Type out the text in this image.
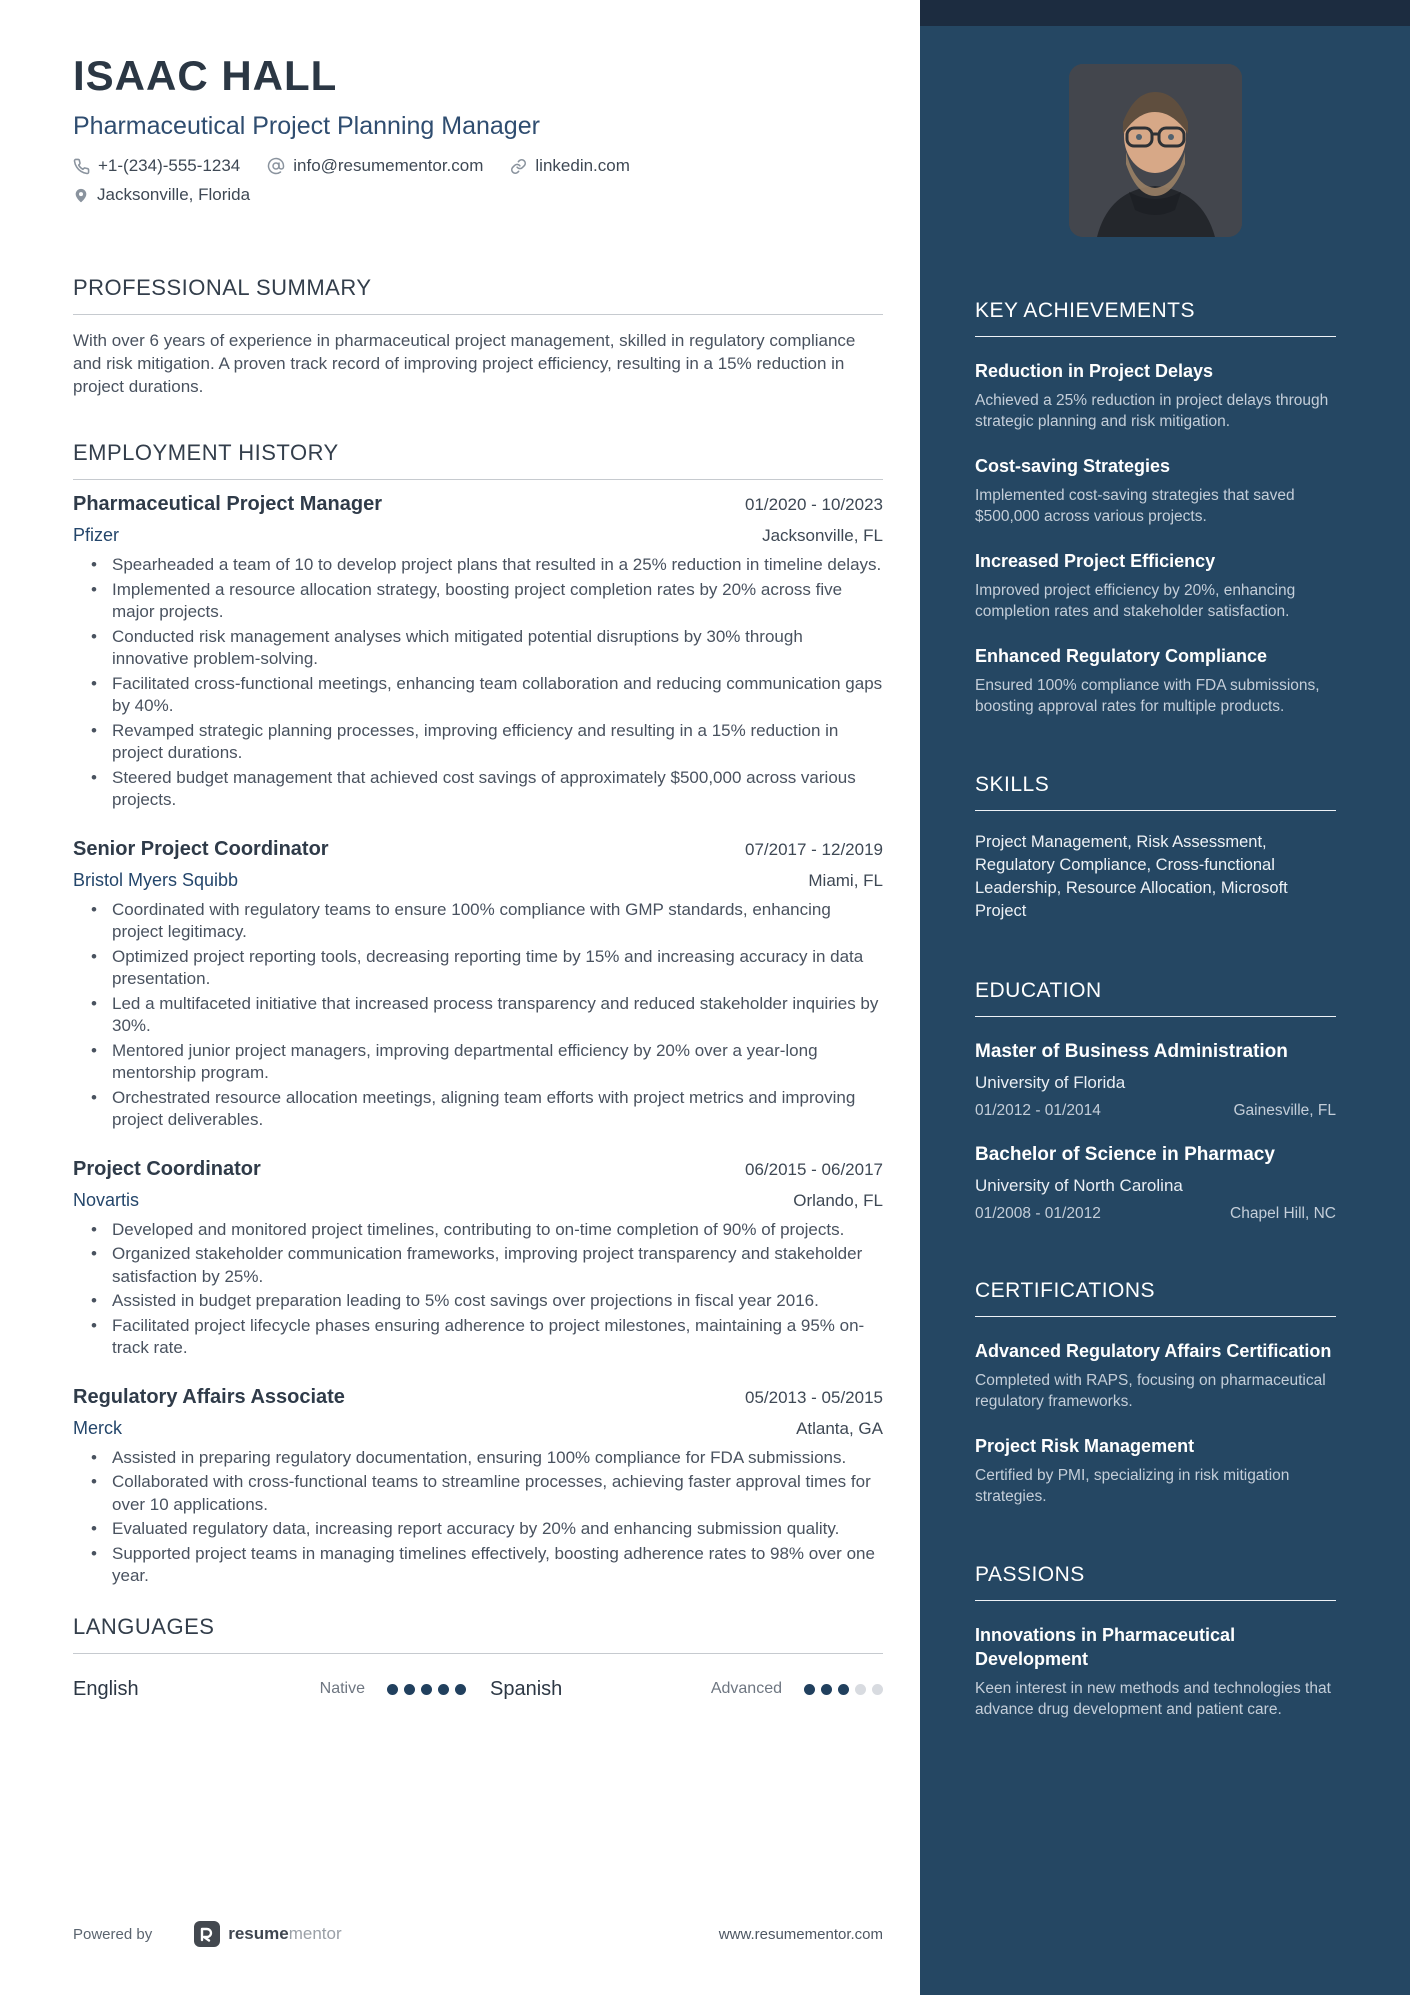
ISAAC HALL
Pharmaceutical Project Planning Manager
+1-(234)-555-1234	info@resumementor.com	linkedin.com
Jacksonville, Florida
PROFESSIONAL SUMMARY

With over 6 years of experience in pharmaceutical project management, skilled in regulatory compliance and risk mitigation. A proven track record of improving project efficiency, resulting in a 15% reduction in project durations.

EMPLOYMENT HISTORY
Pharmaceutical Project Manager	01/2020 - 10/2023
Pfizer	Jacksonville, FL
• Spearheaded a team of 10 to develop project plans that resulted in a 25% reduction in timeline delays.
• Implemented a resource allocation strategy, boosting project completion rates by 20% across five major projects.
• Conducted risk management analyses which mitigated potential disruptions by 30% through innovative problem-solving.
• Facilitated cross-functional meetings, enhancing team collaboration and reducing communication gaps by 40%.
• Revamped strategic planning processes, improving efficiency and resulting in a 15% reduction in project durations.
• Steered budget management that achieved cost savings of approximately $500,000 across various projects.
Senior Project Coordinator	07/2017 - 12/2019
Bristol Myers Squibb	Miami, FL
• Coordinated with regulatory teams to ensure 100% compliance with GMP standards, enhancing project legitimacy.
• Optimized project reporting tools, decreasing reporting time by 15% and increasing accuracy in data presentation.
• Led a multifaceted initiative that increased process transparency and reduced stakeholder inquiries by 30%.
• Mentored junior project managers, improving departmental efficiency by 20% over a year-long mentorship program.
• Orchestrated resource allocation meetings, aligning team efforts with project metrics and improving project deliverables.
Project Coordinator	06/2015 - 06/2017
Novartis	Orlando, FL
• Developed and monitored project timelines, contributing to on-time completion of 90% of projects.
• Organized stakeholder communication frameworks, improving project transparency and stakeholder satisfaction by 25%.
• Assisted in budget preparation leading to 5% cost savings over projections in fiscal year 2016.
• Facilitated project lifecycle phases ensuring adherence to project milestones, maintaining a 95% on-track rate.
Regulatory Affairs Associate	05/2013 - 05/2015
Merck	Atlanta, GA
• Assisted in preparing regulatory documentation, ensuring 100% compliance for FDA submissions.
• Collaborated with cross-functional teams to streamline processes, achieving faster approval times for over 10 applications.
• Evaluated regulatory data, increasing report accuracy by 20% and enhancing submission quality.
• Supported project teams in managing timelines effectively, boosting adherence rates to 98% over one year.
LANGUAGES
English	Native	Spanish	Advanced
Powered by	resumementor	www.resumementor.com
KEY ACHIEVEMENTS
Reduction in Project Delays
Achieved a 25% reduction in project delays through strategic planning and risk mitigation.
Cost-saving Strategies
Implemented cost-saving strategies that saved $500,000 across various projects.
Increased Project Efficiency
Improved project efficiency by 20%, enhancing completion rates and stakeholder satisfaction.
Enhanced Regulatory Compliance
Ensured 100% compliance with FDA submissions, boosting approval rates for multiple products.
SKILLS
Project Management, Risk Assessment, Regulatory Compliance, Cross-functional Leadership, Resource Allocation, Microsoft Project
EDUCATION
Master of Business Administration
University of Florida
01/2012 - 01/2014	Gainesville, FL
Bachelor of Science in Pharmacy
University of North Carolina
01/2008 - 01/2012	Chapel Hill, NC
CERTIFICATIONS
Advanced Regulatory Affairs Certification
Completed with RAPS, focusing on pharmaceutical regulatory frameworks.
Project Risk Management
Certified by PMI, specializing in risk mitigation strategies.
PASSIONS
Innovations in Pharmaceutical Development
Keen interest in new methods and technologies that advance drug development and patient care.
